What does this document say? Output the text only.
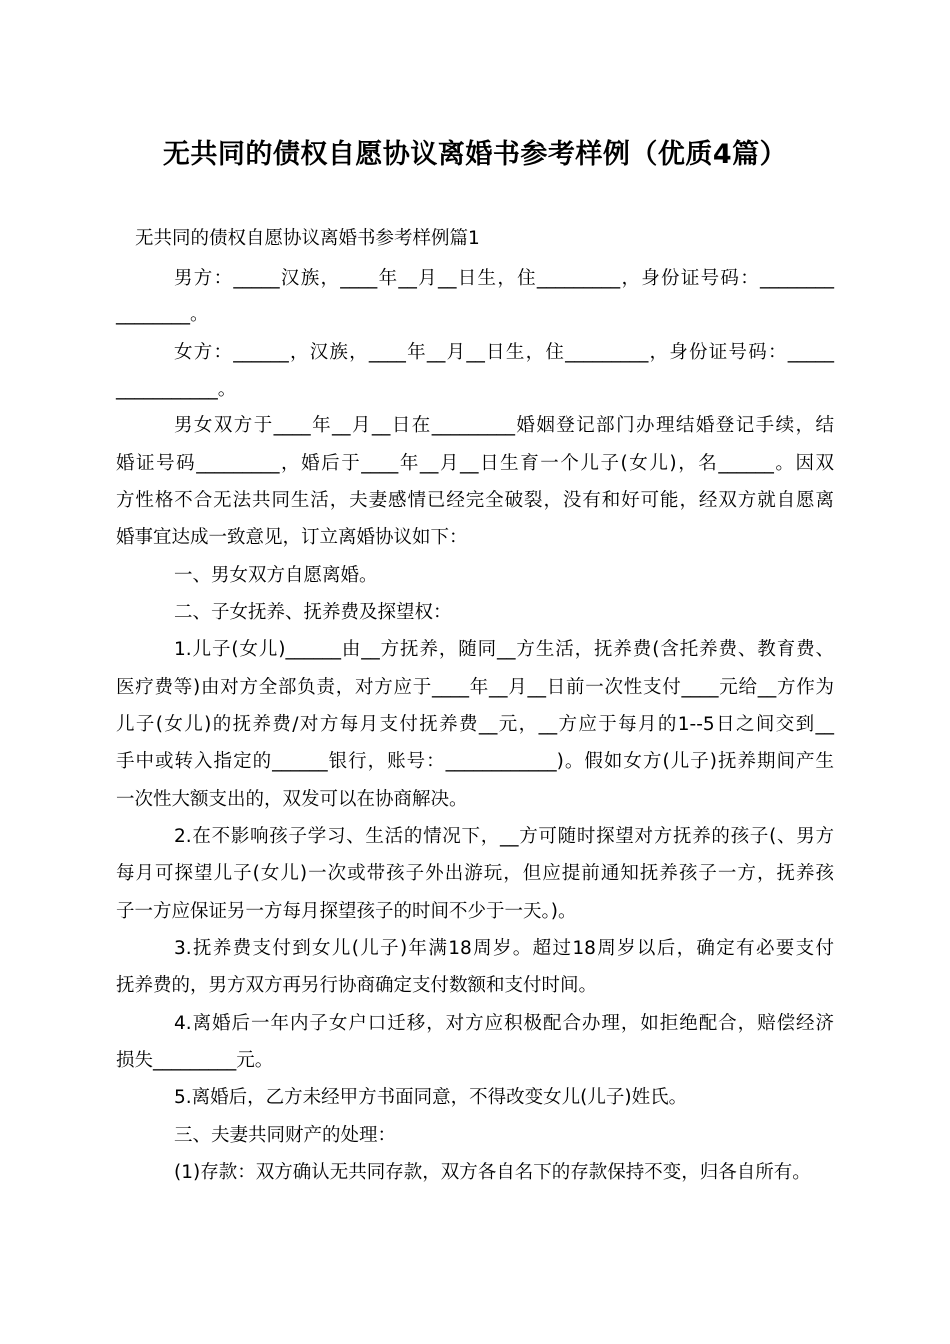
无共同的债权自愿协议离婚书参考样例（优质4篇）
无共同的债权自愿协议离婚书参考样例篇1
男方：_____汉族，____年__月__日生，住_________，身份证号码：________
________。
女方：______，汉族，____年__月__日生，住_________，身份证号码：_____
___________。
男女双方于____年__月__日在_________婚姻登记部门办理结婚登记手续，结
婚证号码_________，婚后于____年__月__日生育一个儿子(女儿)，名______。因双
方性格不合无法共同生活，夫妻感情已经完全破裂，没有和好可能，经双方就自愿离
婚事宜达成一致意见，订立离婚协议如下：
一、男女双方自愿离婚。
二、子女抚养、抚养费及探望权：
1.儿子(女儿)______由__方抚养，随同__方生活，抚养费(含托养费、教育费、
医疗费等)由对方全部负责，对方应于____年__月__日前一次性支付____元给__方作为
儿子(女儿)的抚养费/对方每月支付抚养费__元，__方应于每月的1--5日之间交到__
手中或转入指定的______银行，账号：____________)。假如女方(儿子)抚养期间产生
一次性大额支出的，双发可以在协商解决。
2.在不影响孩子学习、生活的情况下，__方可随时探望对方抚养的孩子(、男方
每月可探望儿子(女儿)一次或带孩子外出游玩，但应提前通知抚养孩子一方，抚养孩
子一方应保证另一方每月探望孩子的时间不少于一天。)。
3.抚养费支付到女儿(儿子)年满18周岁。超过18周岁以后，确定有必要支付
抚养费的，男方双方再另行协商确定支付数额和支付时间。
4.离婚后一年内子女户口迁移，对方应积极配合办理，如拒绝配合，赔偿经济
损失_________元。
5.离婚后，乙方未经甲方书面同意，不得改变女儿(儿子)姓氏。
三、夫妻共同财产的处理：
(1)存款：双方确认无共同存款，双方各自名下的存款保持不变，归各自所有。
